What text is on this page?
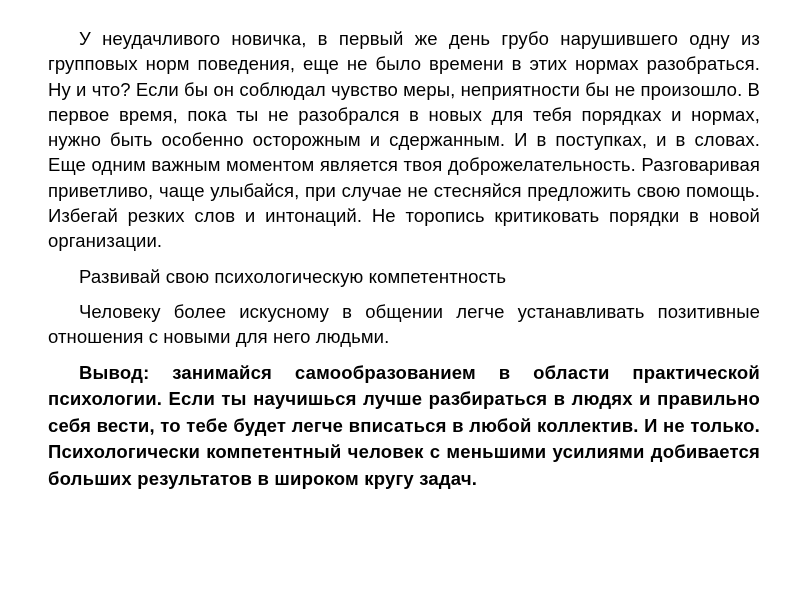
У неудачливого новичка, в первый же день грубо нарушившего одну из групповых норм поведения, еще не было времени в этих нормах разобраться. Ну и что? Если бы он соблюдал чувство меры, неприятности бы не произошло. В первое время, пока ты не разобрался в новых для тебя порядках и нормах, нужно быть особенно осторожным и сдержанным. И в поступках, и в словах. Еще одним важным моментом является твоя доброжелательность. Разговаривая приветливо, чаще улыбайся, при случае не стесняйся предложить свою помощь. Избегай резких слов и интонаций. Не торопись критиковать порядки в новой организации.

Развивай свою психологическую компетентность

Человеку более искусному в общении легче устанавливать позитивные отношения с новыми для него людьми.

Вывод: занимайся самообразованием в области практической психологии. Если ты научишься лучше разбираться в людях и правильно себя вести, то тебе будет легче вписаться в любой коллектив. И не только. Психологически компетентный человек с меньшими усилиями добивается больших результатов в широком кругу задач.
